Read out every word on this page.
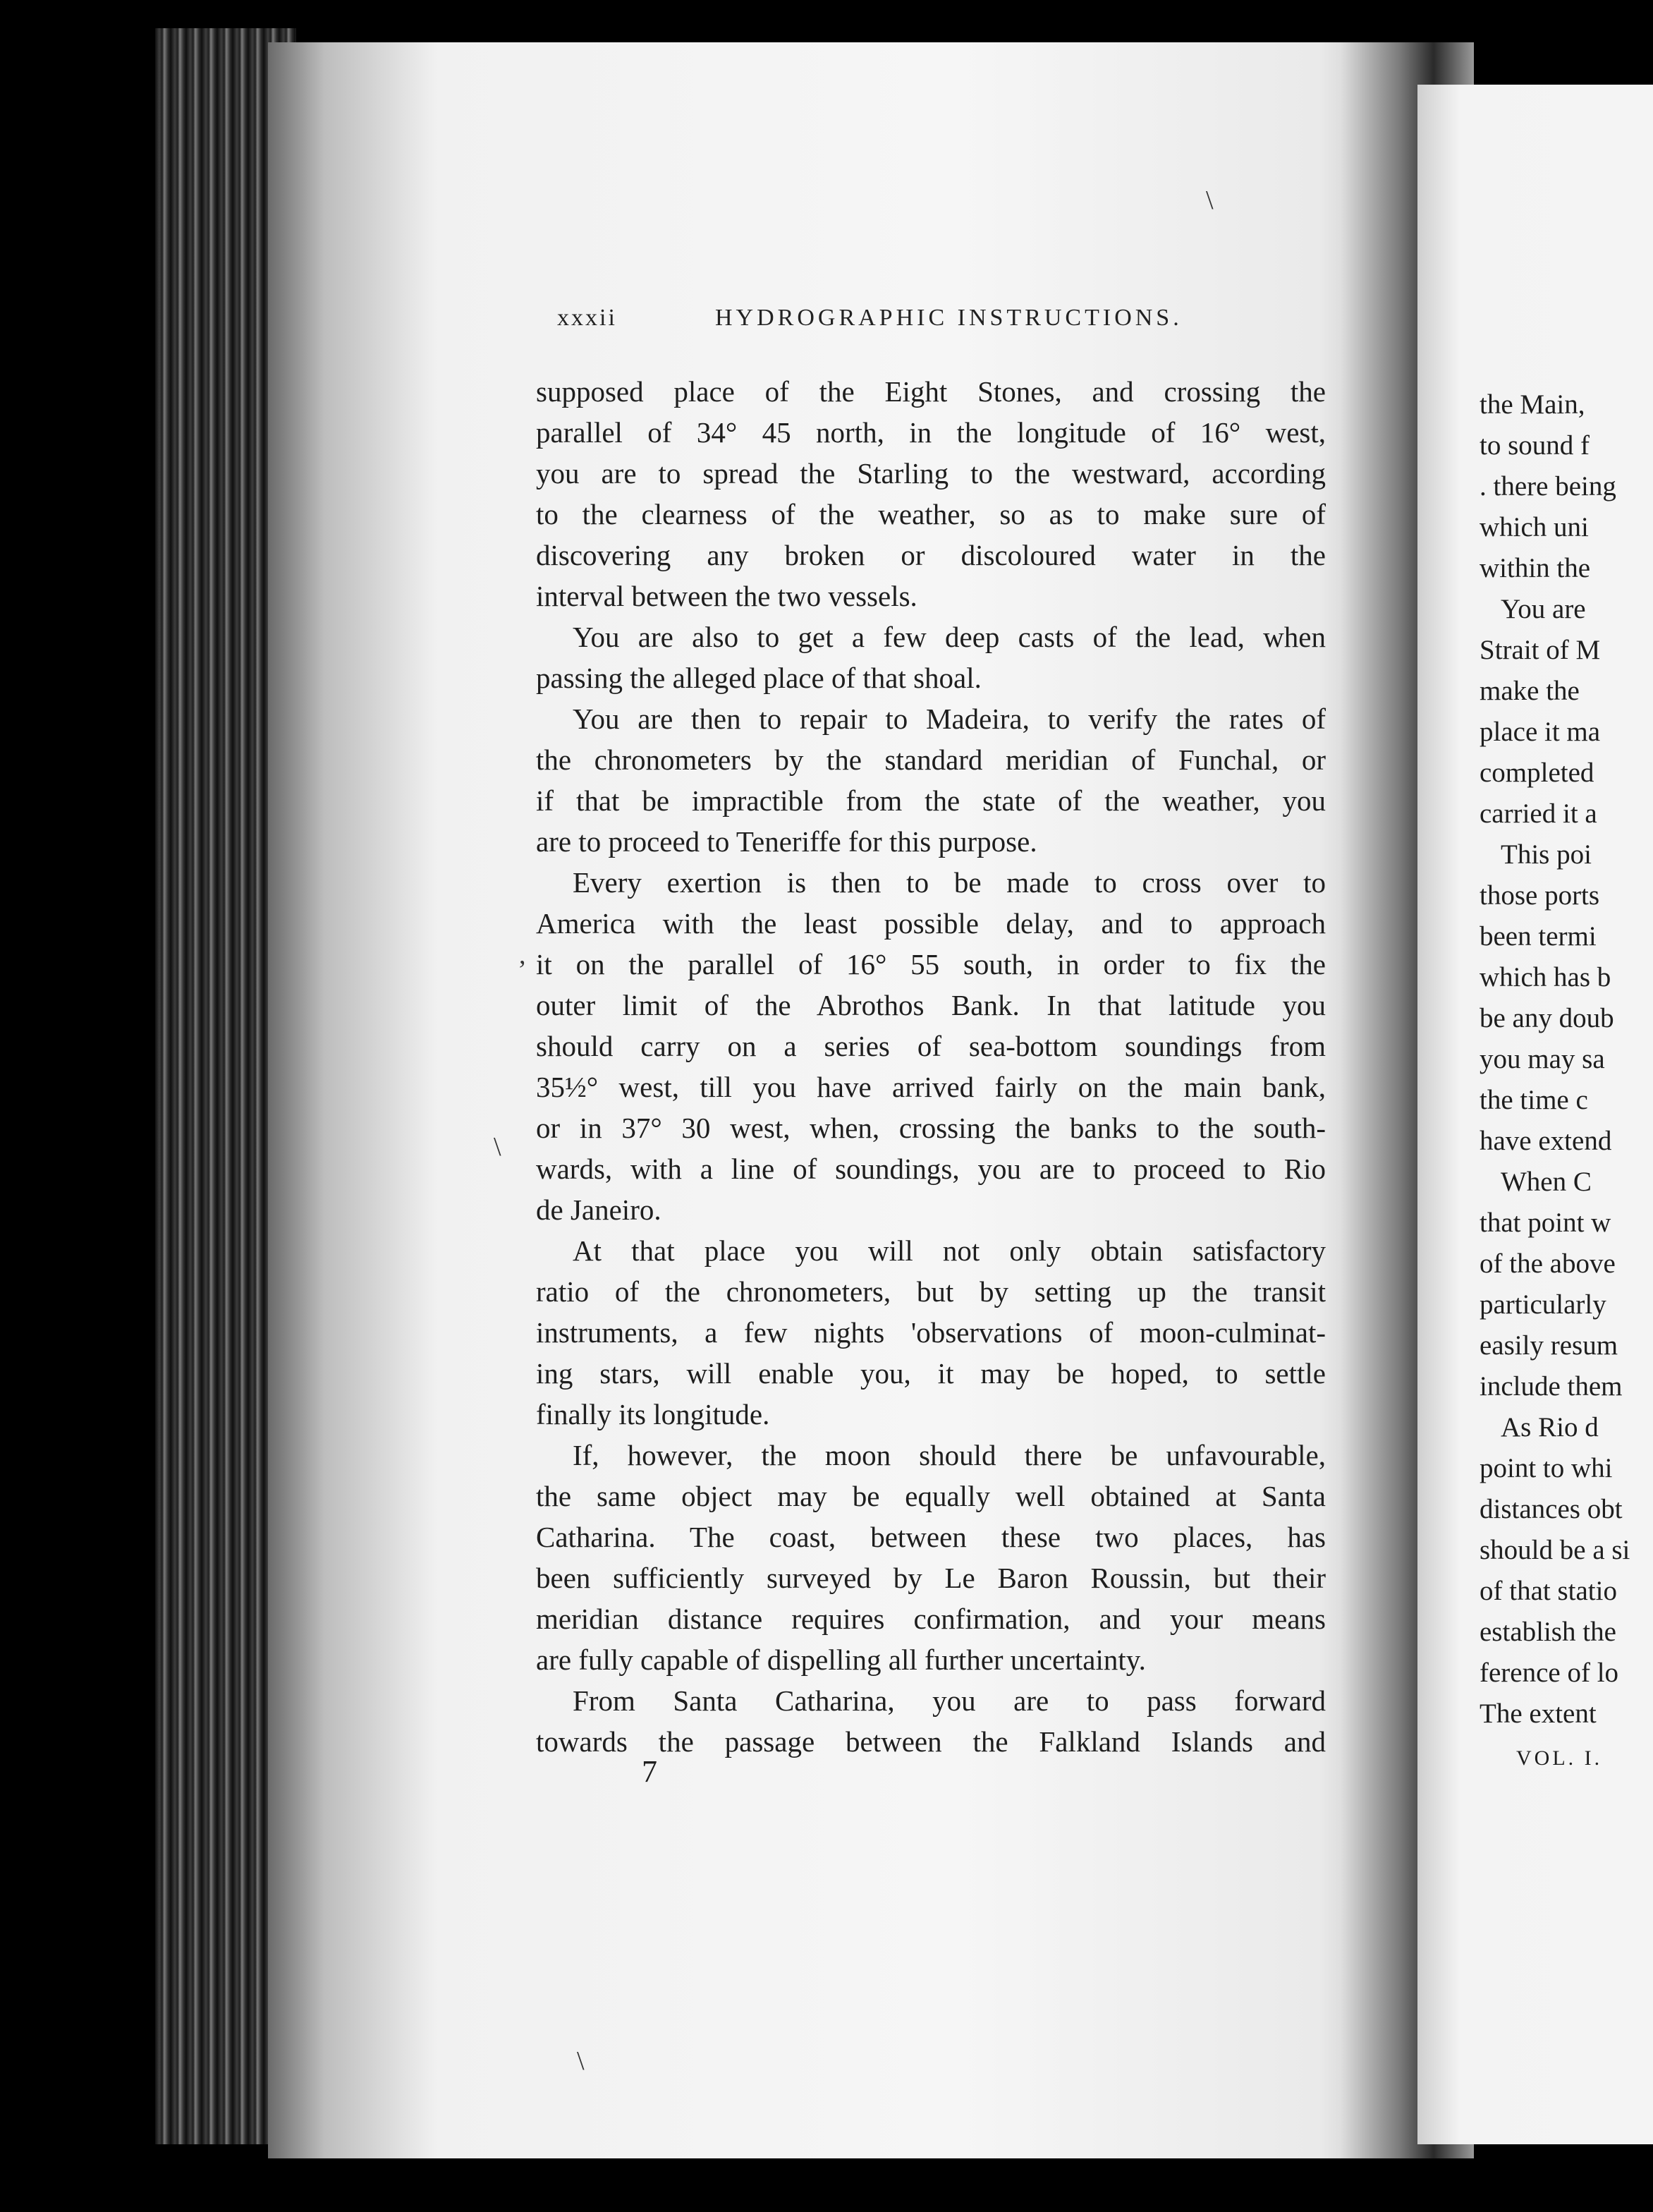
xxxii	HYDROGRAPHIC INSTRUCTIONS.
supposed place of the Eight Stones, and crossing the
parallel of 34° 45 north, in the longitude of 16° west,
you are to spread the Starling to the westward, according
to the clearness of the weather, so as to make sure of
discovering any broken or discoloured water in the
interval between the two vessels.
You are also to get a few deep casts of the lead, when
passing the alleged place of that shoal.
You are then to repair to Madeira, to verify the rates of
the chronometers by the standard meridian of Funchal, or
if that be impractible from the state of the weather, you
are to proceed to Teneriffe for this purpose.
Every exertion is then to be made to cross over to
America with the least possible delay, and to approach
it on the parallel of 16° 55 south, in order to fix the
outer limit of the Abrothos Bank. In that latitude you
should carry on a series of sea-bottom soundings from
35½° west, till you have arrived fairly on the main bank,
or in 37° 30 west, when, crossing the banks to the south-
wards, with a line of soundings, you are to proceed to Rio
de Janeiro.
At that place you will not only obtain satisfactory
ratio of the chronometers, but by setting up the transit
instruments, a few nights 'observations of moon-culminat-
ing stars, will enable you, it may be hoped, to settle
finally its longitude.
If, however, the moon should there be unfavourable,
the same object may be equally well obtained at Santa
Catharina. The coast, between these two places, has
been sufficiently surveyed by Le Baron Roussin, but their
meridian distance requires confirmation, and your means
are fully capable of dispelling all further uncertainty.
From Santa Catharina, you are to pass forward
towards the passage between the Falkland Islands and
7
the Main,
to sound f
. there being
which uni
within the
You are
Strait of M
make the
place it ma
completed
carried it a
This poi
those ports
been termi
which has b
be any doub
you may sa
the time c
have extend
When C
that point w
of the above
particularly
easily resum
include them
As Rio d
point to whi
distances obt
should be a si
of that statio
establish the
ference of lo
The extent
VOL. I.
\
\
,
\
